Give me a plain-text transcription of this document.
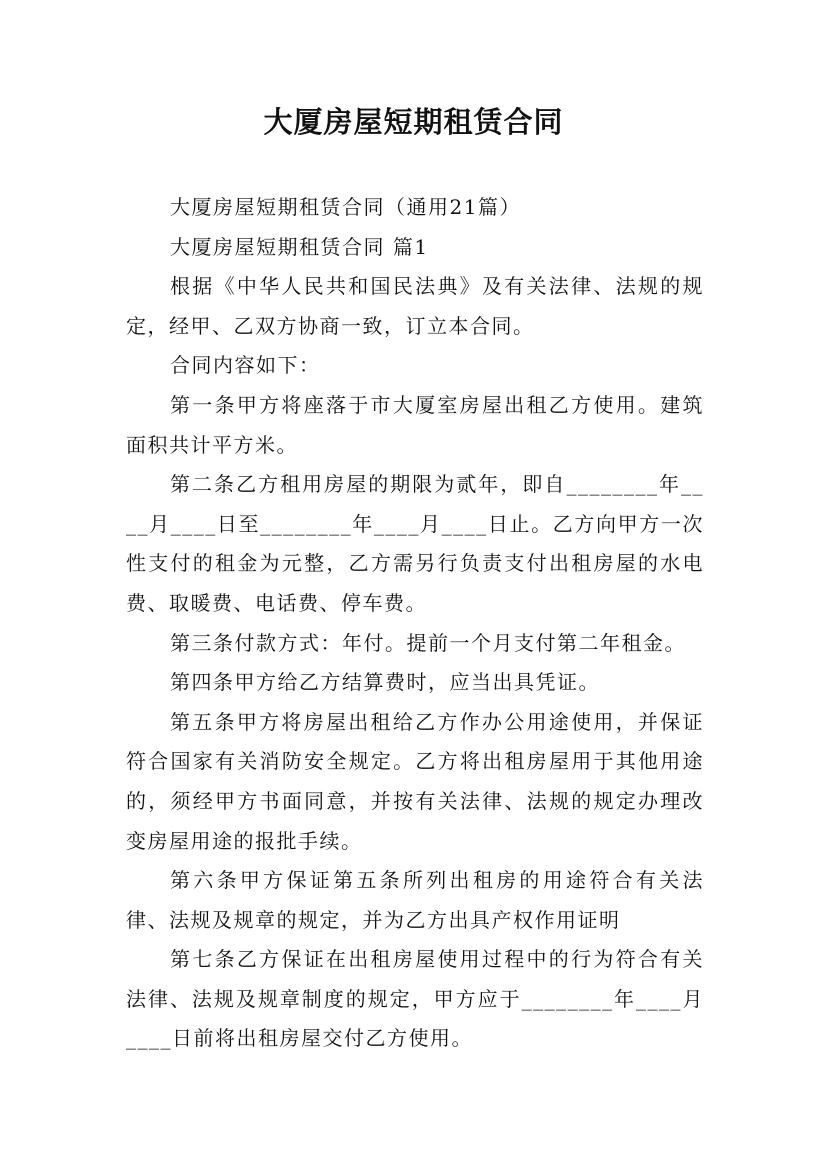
大厦房屋短期租赁合同

大厦房屋短期租赁合同（通用21篇）

大厦房屋短期租赁合同 篇1

根据《中华人民共和国民法典》及有关法律、法规的规定，经甲、乙双方协商一致，订立本合同。

合同内容如下：

第一条甲方将座落于市大厦室房屋出租乙方使用。建筑面积共计平方米。

第二条乙方租用房屋的期限为贰年，即自________年____月____日至________年____月____日止。乙方向甲方一次性支付的租金为元整，乙方需另行负责支付出租房屋的水电费、取暖费、电话费、停车费。

第三条付款方式：年付。提前一个月支付第二年租金。

第四条甲方给乙方结算费时，应当出具凭证。

第五条甲方将房屋出租给乙方作办公用途使用，并保证符合国家有关消防安全规定。乙方将出租房屋用于其他用途的，须经甲方书面同意，并按有关法律、法规的规定办理改变房屋用途的报批手续。

第六条甲方保证第五条所列出租房的用途符合有关法律、法规及规章的规定，并为乙方出具产权作用证明

第七条乙方保证在出租房屋使用过程中的行为符合有关法律、法规及规章制度的规定，甲方应于________年____月____日前将出租房屋交付乙方使用。
